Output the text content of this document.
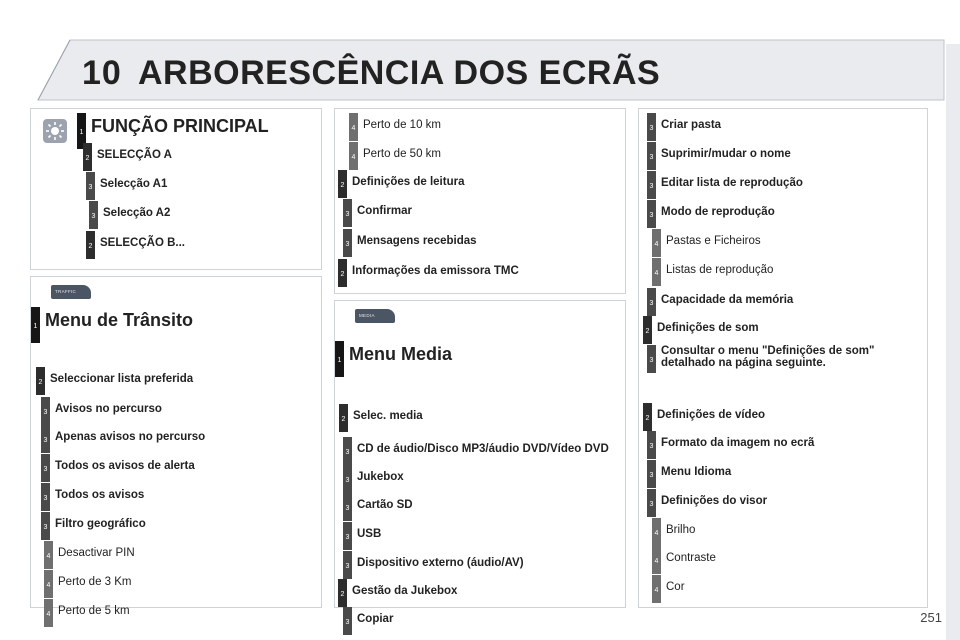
10 ARBORESCÊNCIA DOS ECRÃS
1 FUNÇÃO PRINCIPAL
2 SELECÇÃO A
3 Selecção A1
3 Selecção A2
2 SELECÇÃO B...
TRAFFIC
1 Menu de Trânsito
2 Seleccionar lista preferida
3 Avisos no percurso
3 Apenas avisos no percurso
3 Todos os avisos de alerta
3 Todos os avisos
3 Filtro geográfico
4 Desactivar PIN
4 Perto de 3 Km
4 Perto de 5 km
4 Perto de 10 km
4 Perto de 50 km
2 Definições de leitura
3 Confirmar
3 Mensagens recebidas
2 Informações da emissora TMC
MEDIA
1 Menu Media
2 Selec. media
3 CD de áudio/Disco MP3/áudio DVD/Vídeo DVD
3 Jukebox
3 Cartão SD
3 USB
3 Dispositivo externo (áudio/AV)
2 Gestão da Jukebox
3 Copiar
3 Criar pasta
3 Suprimir/mudar o nome
3 Editar lista de reprodução
3 Modo de reprodução
4 Pastas e Ficheiros
4 Listas de reprodução
3 Capacidade da memória
2 Definições de som
3
Consultar o menu "Definições de som" detalhado na página seguinte.
2 Definições de vídeo
3 Formato da imagem no ecrã
3 Menu Idioma
3 Definições do visor
4 Brilho
4 Contraste
4 Cor
251
